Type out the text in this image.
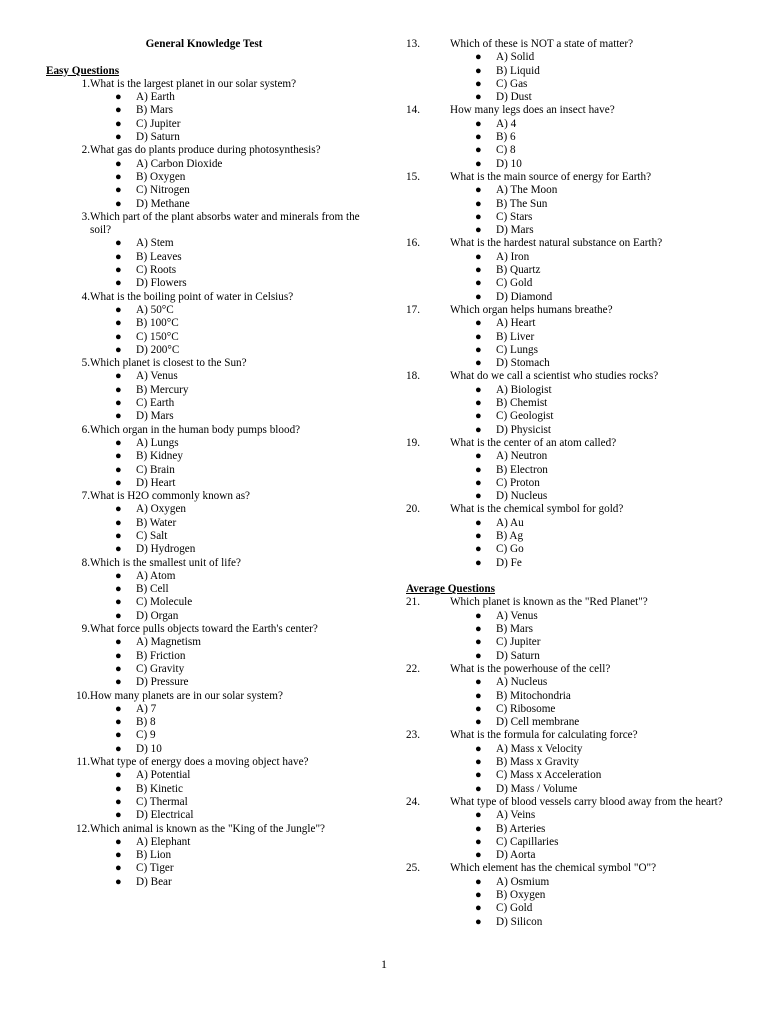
General Knowledge Test
Easy Questions
1. What is the largest planet in our solar system?
● A) Earth
● B) Mars
● C) Jupiter
● D) Saturn
2. What gas do plants produce during photosynthesis?
● A) Carbon Dioxide
● B) Oxygen
● C) Nitrogen
● D) Methane
3. Which part of the plant absorbs water and minerals from the soil?
● A) Stem
● B) Leaves
● C) Roots
● D) Flowers
4. What is the boiling point of water in Celsius?
● A) 50°C
● B) 100°C
● C) 150°C
● D) 200°C
5. Which planet is closest to the Sun?
● A) Venus
● B) Mercury
● C) Earth
● D) Mars
6. Which organ in the human body pumps blood?
● A) Lungs
● B) Kidney
● C) Brain
● D) Heart
7. What is H2O commonly known as?
● A) Oxygen
● B) Water
● C) Salt
● D) Hydrogen
8. Which is the smallest unit of life?
● A) Atom
● B) Cell
● C) Molecule
● D) Organ
9. What force pulls objects toward the Earth's center?
● A) Magnetism
● B) Friction
● C) Gravity
● D) Pressure
10. How many planets are in our solar system?
● A) 7
● B) 8
● C) 9
● D) 10
11. What type of energy does a moving object have?
● A) Potential
● B) Kinetic
● C) Thermal
● D) Electrical
12. Which animal is known as the "King of the Jungle"?
● A) Elephant
● B) Lion
● C) Tiger
● D) Bear
13.	Which of these is NOT a state of matter?
● A) Solid
● B) Liquid
● C) Gas
● D) Dust
14.	How many legs does an insect have?
● A) 4
● B) 6
● C) 8
● D) 10
15.	What is the main source of energy for Earth?
● A) The Moon
● B) The Sun
● C) Stars
● D) Mars
16.	What is the hardest natural substance on Earth?
● A) Iron
● B) Quartz
● C) Gold
● D) Diamond
17.	Which organ helps humans breathe?
● A) Heart
● B) Liver
● C) Lungs
● D) Stomach
18.	What do we call a scientist who studies rocks?
● A) Biologist
● B) Chemist
● C) Geologist
● D) Physicist
19.	What is the center of an atom called?
● A) Neutron
● B) Electron
● C) Proton
● D) Nucleus
20.	What is the chemical symbol for gold?
● A) Au
● B) Ag
● C) Go
● D) Fe
Average Questions
21.	Which planet is known as the "Red Planet"?
● A) Venus
● B) Mars
● C) Jupiter
● D) Saturn
22.	What is the powerhouse of the cell?
● A) Nucleus
● B) Mitochondria
● C) Ribosome
● D) Cell membrane
23.	What is the formula for calculating force?
● A) Mass x Velocity
● B) Mass x Gravity
● C) Mass x Acceleration
● D) Mass / Volume
24.	What type of blood vessels carry blood away from the heart?
● A) Veins
● B) Arteries
● C) Capillaries
● D) Aorta
25.	Which element has the chemical symbol "O"?
● A) Osmium
● B) Oxygen
● C) Gold
● D) Silicon
1
